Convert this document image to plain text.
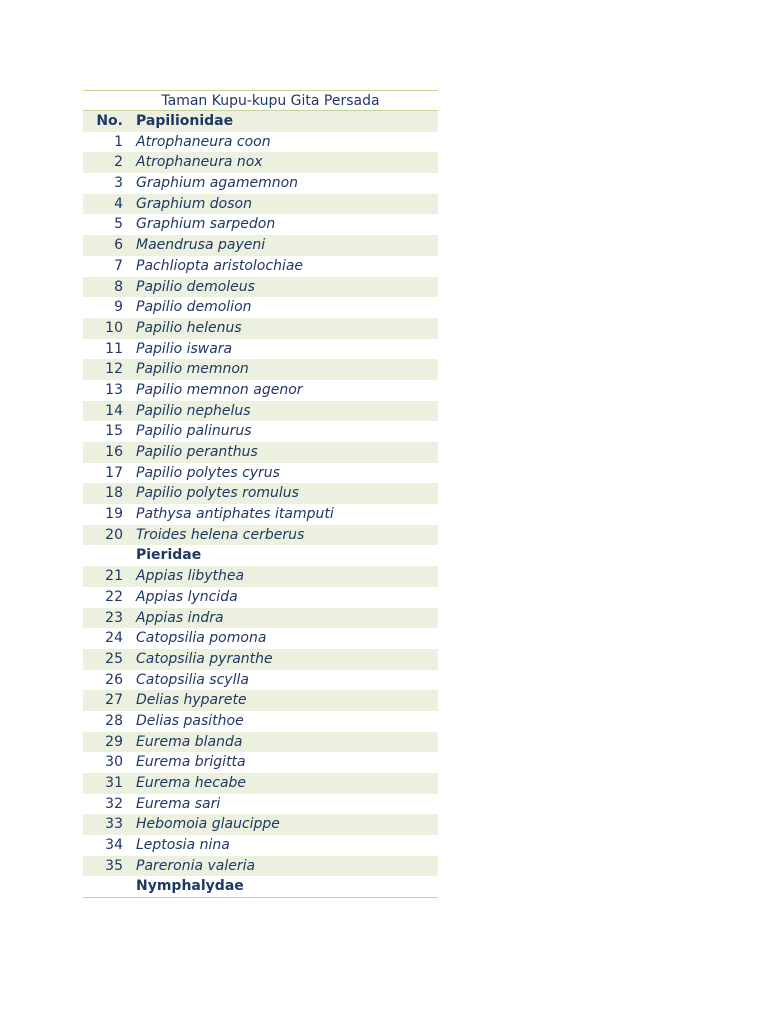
Taman Kupu-kupu Gita Persada
No. Papilionidae
1 Atrophaneura coon
2 Atrophaneura nox
3 Graphium agamemnon
4 Graphium doson
5 Graphium sarpedon
6 Maendrusa payeni
7 Pachliopta aristolochiae
8 Papilio demoleus
9 Papilio demolion
10 Papilio helenus
11 Papilio iswara
12 Papilio memnon
13 Papilio memnon agenor
14 Papilio nephelus
15 Papilio palinurus
16 Papilio peranthus
17 Papilio polytes cyrus
18 Papilio polytes romulus
19 Pathysa antiphates itamputi
20 Troides helena cerberus
Pieridae
21 Appias libythea
22 Appias lyncida
23 Appias indra
24 Catopsilia pomona
25 Catopsilia pyranthe
26 Catopsilia scylla
27 Delias hyparete
28 Delias pasithoe
29 Eurema blanda
30 Eurema brigitta
31 Eurema hecabe
32 Eurema sari
33 Hebomoia glaucippe
34 Leptosia nina
35 Pareronia valeria
Nymphalydae
